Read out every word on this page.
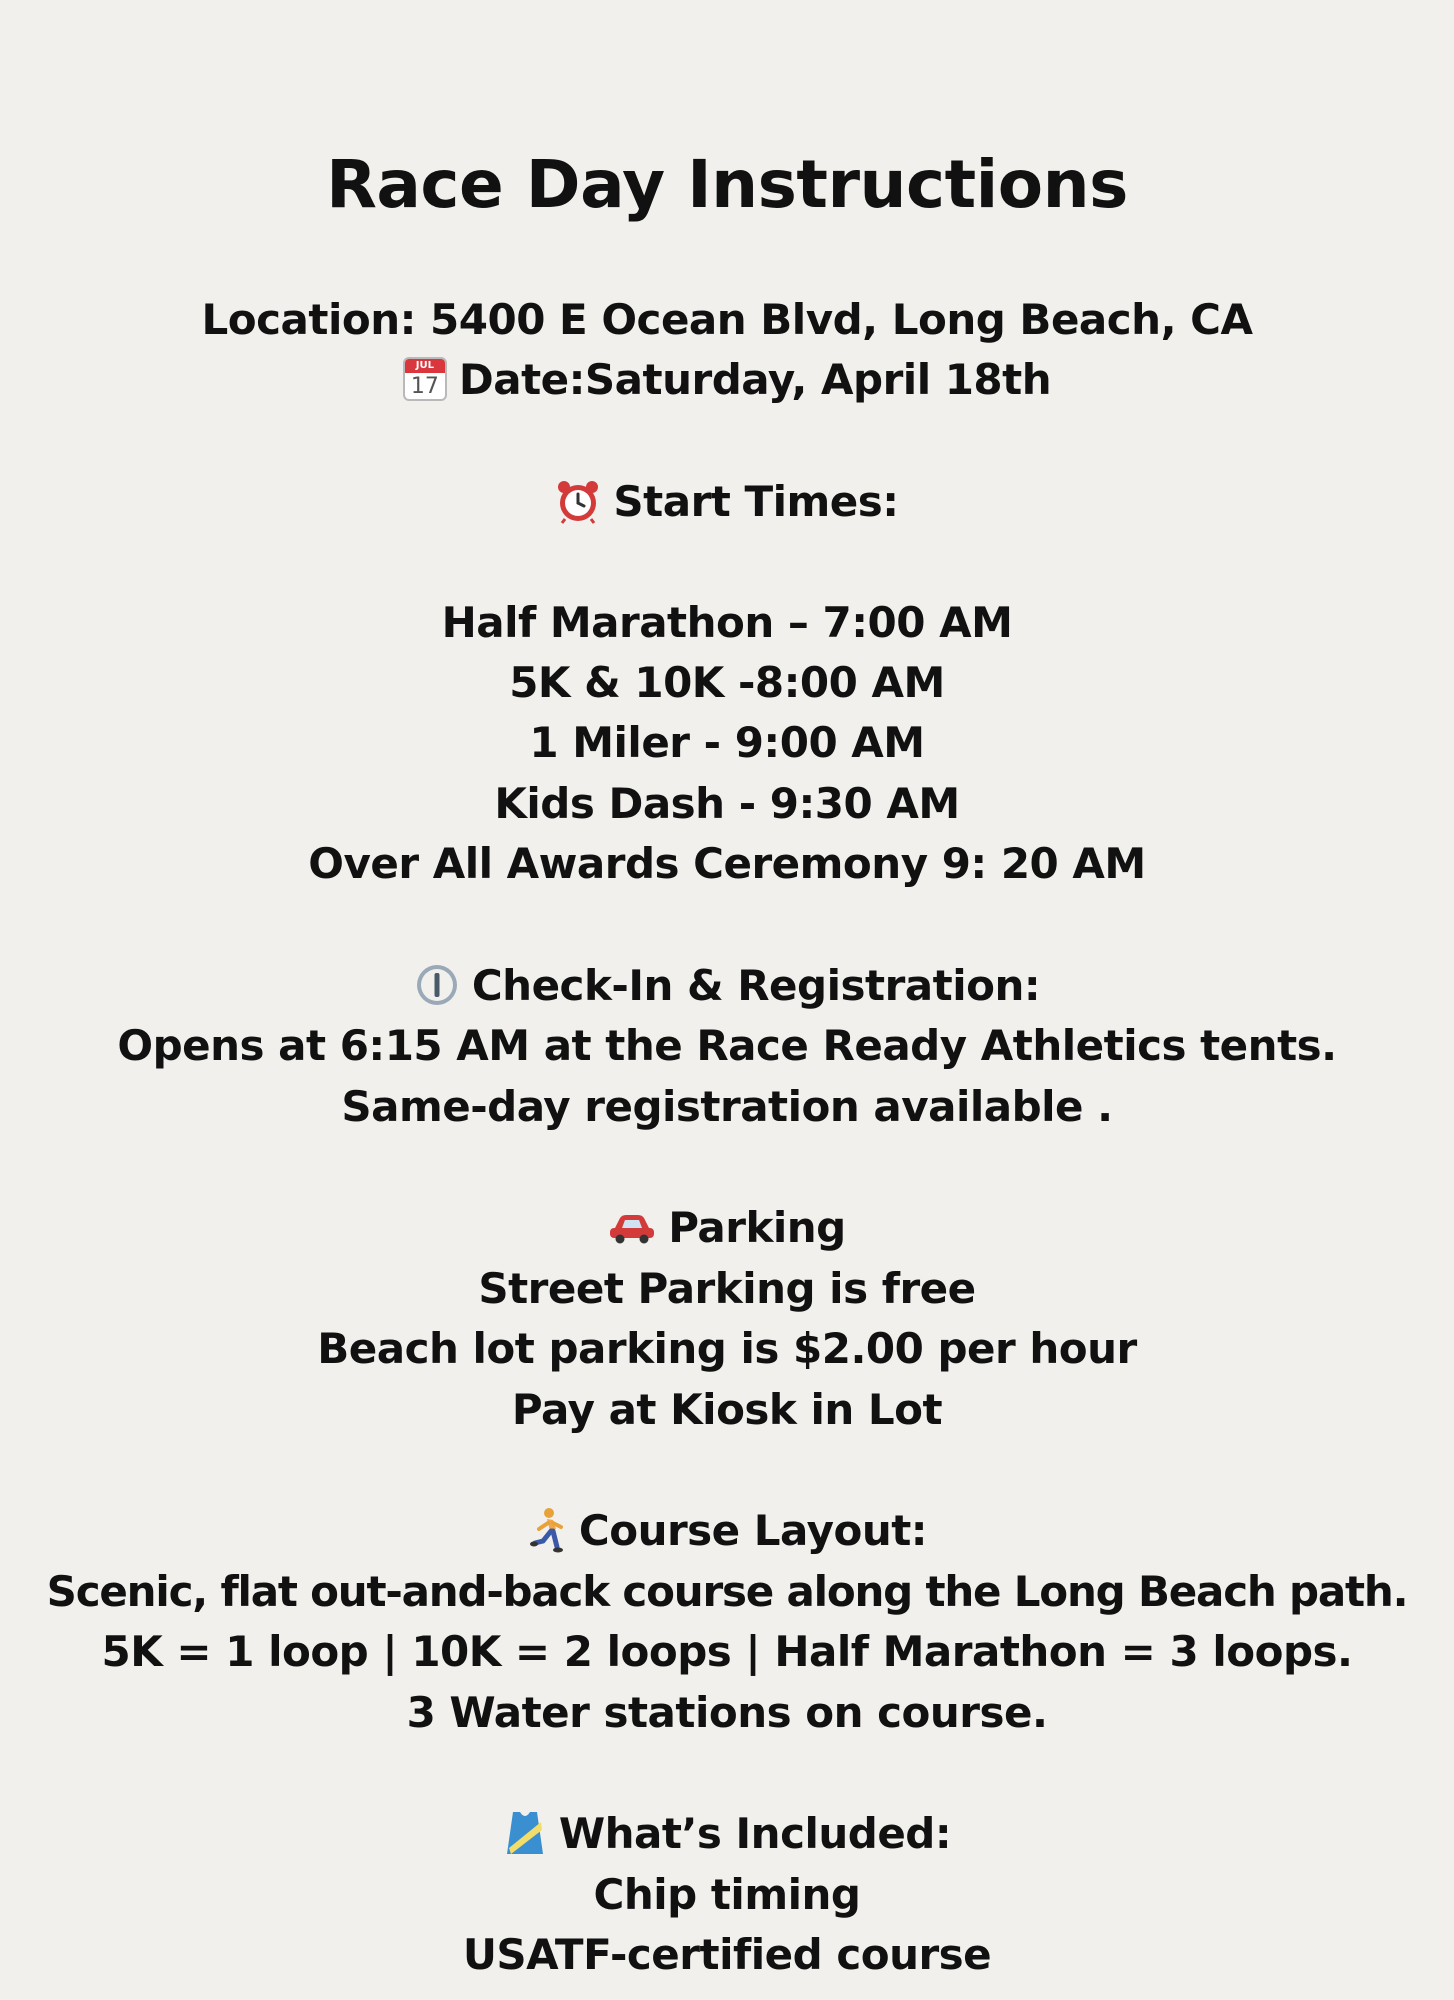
Race Day Instructions
Location: 5400 E Ocean Blvd, Long Beach, CA
JUL
17 Date:Saturday, April 18th
Start Times:
Half Marathon – 7:00 AM
5K & 10K -8:00 AM
1 Miler - 9:00 AM
Kids Dash - 9:30 AM
Over All Awards Ceremony 9: 20 AM
Check-In & Registration:
Opens at 6:15 AM at the Race Ready Athletics tents.
Same-day registration available .
Parking
Street Parking is free
Beach lot parking is $2.00 per hour
Pay at Kiosk in Lot
Course Layout:
Scenic, flat out-and-back course along the Long Beach path.
5K = 1 loop | 10K = 2 loops | Half Marathon = 3 loops.
3 Water stations on course.
What’s Included:
Chip timing
USATF-certified course
